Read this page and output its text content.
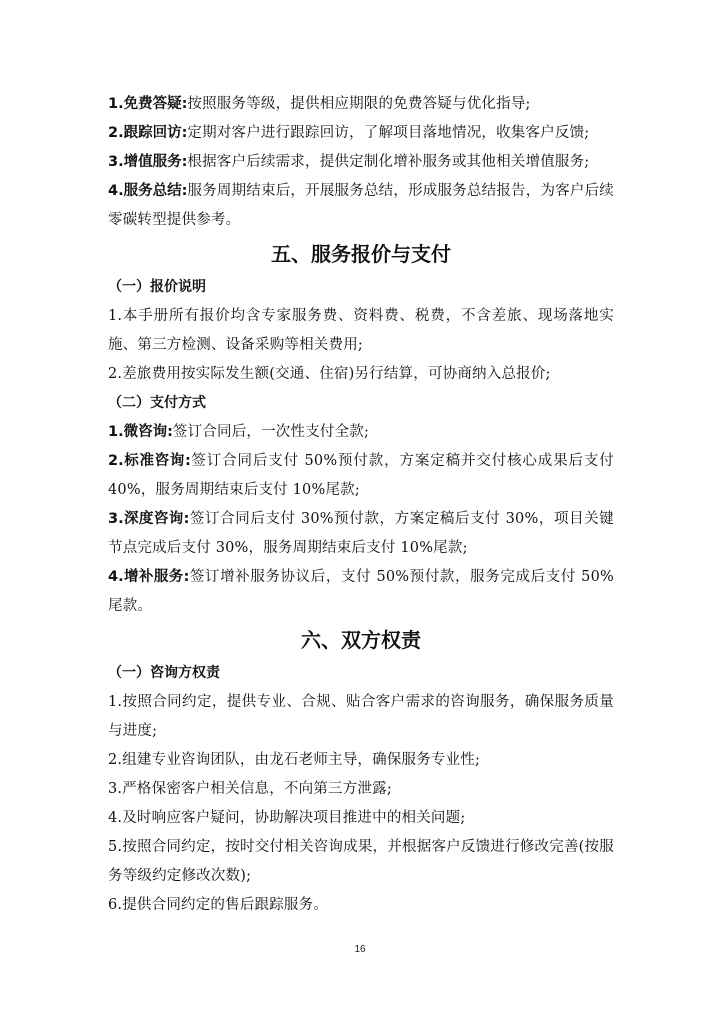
1.免费答疑:按照服务等级，提供相应期限的免费答疑与优化指导;

2.跟踪回访:定期对客户进行跟踪回访，了解项目落地情况，收集客户反馈;

3.增值服务:根据客户后续需求，提供定制化增补服务或其他相关增值服务;

4.服务总结:服务周期结束后，开展服务总结，形成服务总结报告，为客户后续零碳转型提供参考。

五、服务报价与支付
（一）报价说明

1.本手册所有报价均含专家服务费、资料费、税费，不含差旅、现场落地实施、第三方检测、设备采购等相关费用;

2.差旅费用按实际发生额(交通、住宿)另行结算，可协商纳入总报价;

（二）支付方式

1.微咨询:签订合同后，一次性支付全款;

2.标准咨询:签订合同后支付 50%预付款，方案定稿并交付核心成果后支付 40%，服务周期结束后支付 10%尾款;

3.深度咨询:签订合同后支付 30%预付款，方案定稿后支付 30%，项目关键节点完成后支付 30%，服务周期结束后支付 10%尾款;

4.增补服务:签订增补服务协议后，支付 50%预付款，服务完成后支付 50%尾款。

六、双方权责
（一）咨询方权责

1.按照合同约定，提供专业、合规、贴合客户需求的咨询服务，确保服务质量与进度;

2.组建专业咨询团队，由龙石老师主导，确保服务专业性;

3.严格保密客户相关信息，不向第三方泄露;

4.及时响应客户疑问，协助解决项目推进中的相关问题;

5.按照合同约定，按时交付相关咨询成果，并根据客户反馈进行修改完善(按服务等级约定修改次数);

6.提供合同约定的售后跟踪服务。

16
